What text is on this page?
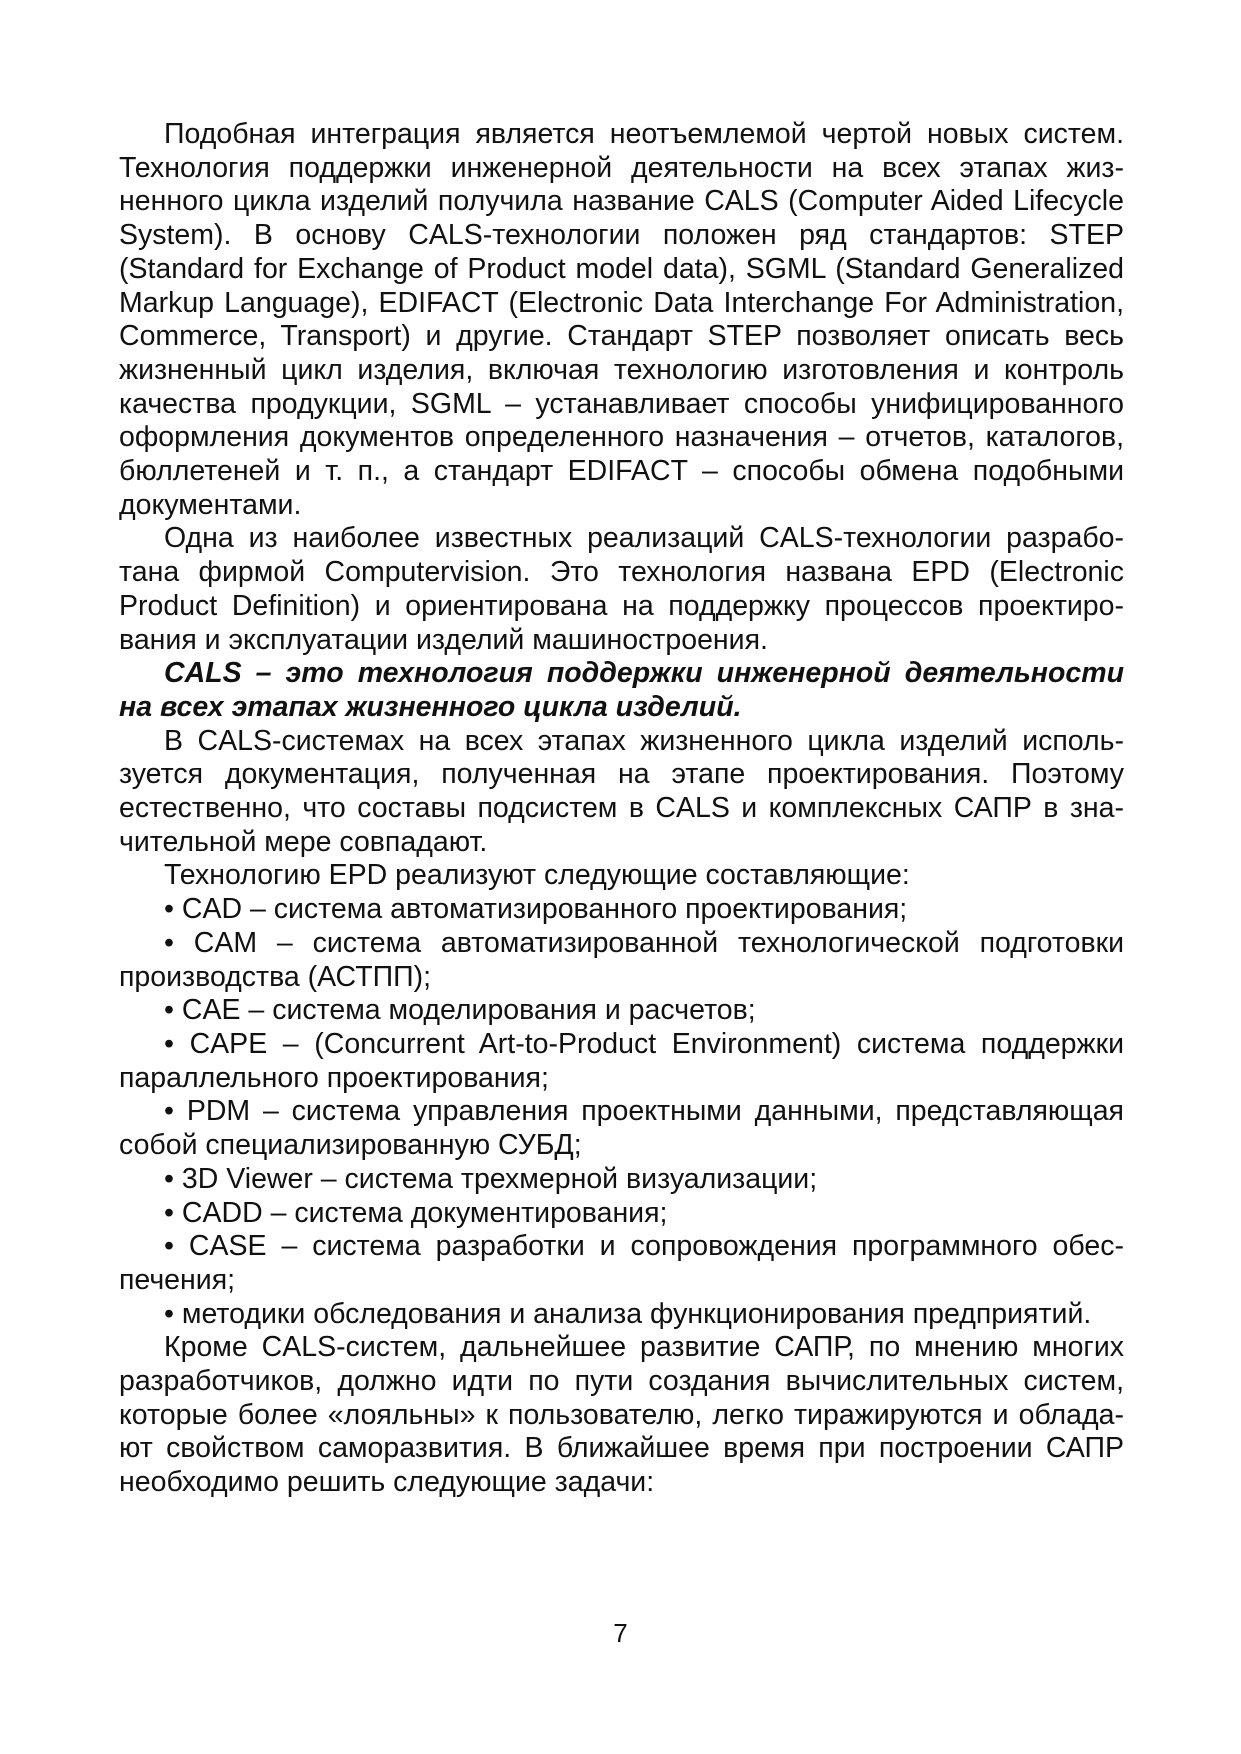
Подобная интеграция является неотъемлемой чертой новых систем. Технология поддержки инженерной деятельности на всех этапах жизненного цикла изделий получила название CALS (Computer Aided Lifecycle System). В основу CALS-технологии положен ряд стандартов: STEP (Standard for Exchange of Product model data), SGML (Standard Generalized Markup Language), EDIFACT (Electronic Data Interchange For Administration, Commerce, Transport) и другие. Стандарт STEP позволяет описать весь жизненный цикл изделия, включая технологию изготовления и контроль качества продукции, SGML – устанавливает способы унифицированного оформления документов определенного назначения – отчетов, каталогов, бюллетеней и т. п., а стандарт EDIFACT – способы обмена подобными документами.

Одна из наиболее известных реализаций CALS-технологии разработана фирмой Computervision. Это технология названа EPD (Electronic Product Definition) и ориентирована на поддержку процессов проектирования и эксплуатации изделий машиностроения.

CALS – это технология поддержки инженерной деятельности на всех этапах жизненного цикла изделий.

В CALS-системах на всех этапах жизненного цикла изделий используется документация, полученная на этапе проектирования. Поэтому естественно, что составы подсистем в CALS и комплексных САПР в значительной мере совпадают.

Технологию EPD реализуют следующие составляющие:

• CAD – система автоматизированного проектирования;
• CAM – система автоматизированной технологической подготовки производства (АСТПП);
• CAE – система моделирования и расчетов;
• CAPE – (Concurrent Art-to-Product Environment) система поддержки параллельного проектирования;
• PDM – система управления проектными данными, представляющая собой специализированную СУБД;
• 3D Viewer – система трехмерной визуализации;
• CADD – система документирования;
• CASE – система разработки и сопровождения программного обеспечения;
• методики обследования и анализа функционирования предприятий.

Кроме CALS-систем, дальнейшее развитие САПР, по мнению многих разработчиков, должно идти по пути создания вычислительных систем, которые более «лояльны» к пользователю, легко тиражируются и обладают свойством саморазвития. В ближайшее время при построении САПР необходимо решить следующие задачи:

7
